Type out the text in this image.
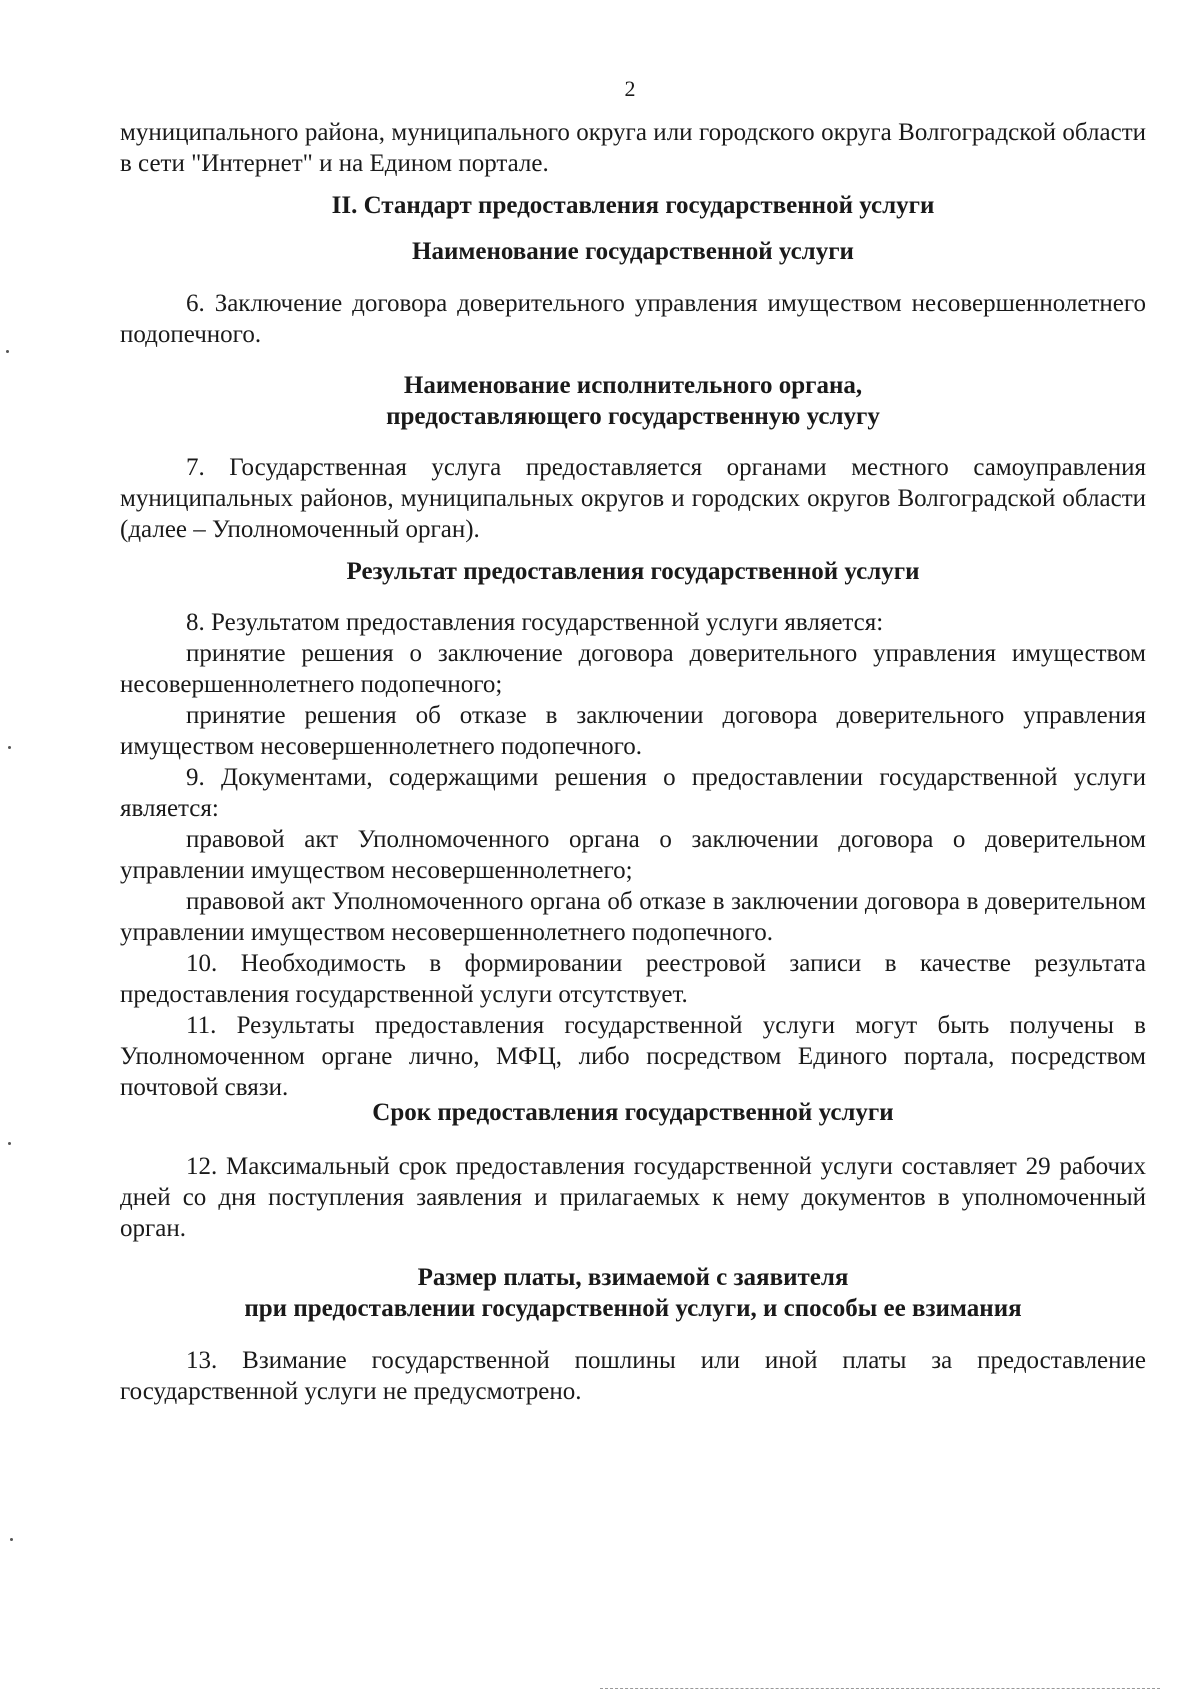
2

муниципального района, муниципального округа или городского округа Волгоградской области в сети "Интернет" и на Едином портале.

II. Стандарт предоставления государственной услуги
Наименование государственной услуги

6. Заключение договора доверительного управления имуществом несовершеннолетнего подопечного.

Наименование исполнительного органа,
предоставляющего государственную услугу

7. Государственная услуга предоставляется органами местного самоуправления муниципальных районов, муниципальных округов и городских округов Волгоградской области (далее – Уполномоченный орган).

Результат предоставления государственной услуги

8. Результатом предоставления государственной услуги является:

принятие решения о заключение договора доверительного управления имуществом несовершеннолетнего подопечного;

принятие решения об отказе в заключении договора доверительного управления имуществом несовершеннолетнего подопечного.

9. Документами, содержащими решения о предоставлении государственной услуги является:

правовой акт Уполномоченного органа о заключении договора о доверительном управлении имуществом несовершеннолетнего;

правовой акт Уполномоченного органа об отказе в заключении договора в доверительном управлении имуществом несовершеннолетнего подопечного.

10. Необходимость в формировании реестровой записи в качестве результата предоставления государственной услуги отсутствует.

11. Результаты предоставления государственной услуги могут быть получены в Уполномоченном органе лично, МФЦ, либо посредством Единого портала, посредством почтовой связи.

Срок предоставления государственной услуги

12. Максимальный срок предоставления государственной услуги составляет 29 рабочих дней со дня поступления заявления и прилагаемых к нему документов в уполномоченный орган.

Размер платы, взимаемой с заявителя
при предоставлении государственной услуги, и способы ее взимания

13. Взимание государственной пошлины или иной платы за предоставление государственной услуги не предусмотрено.
